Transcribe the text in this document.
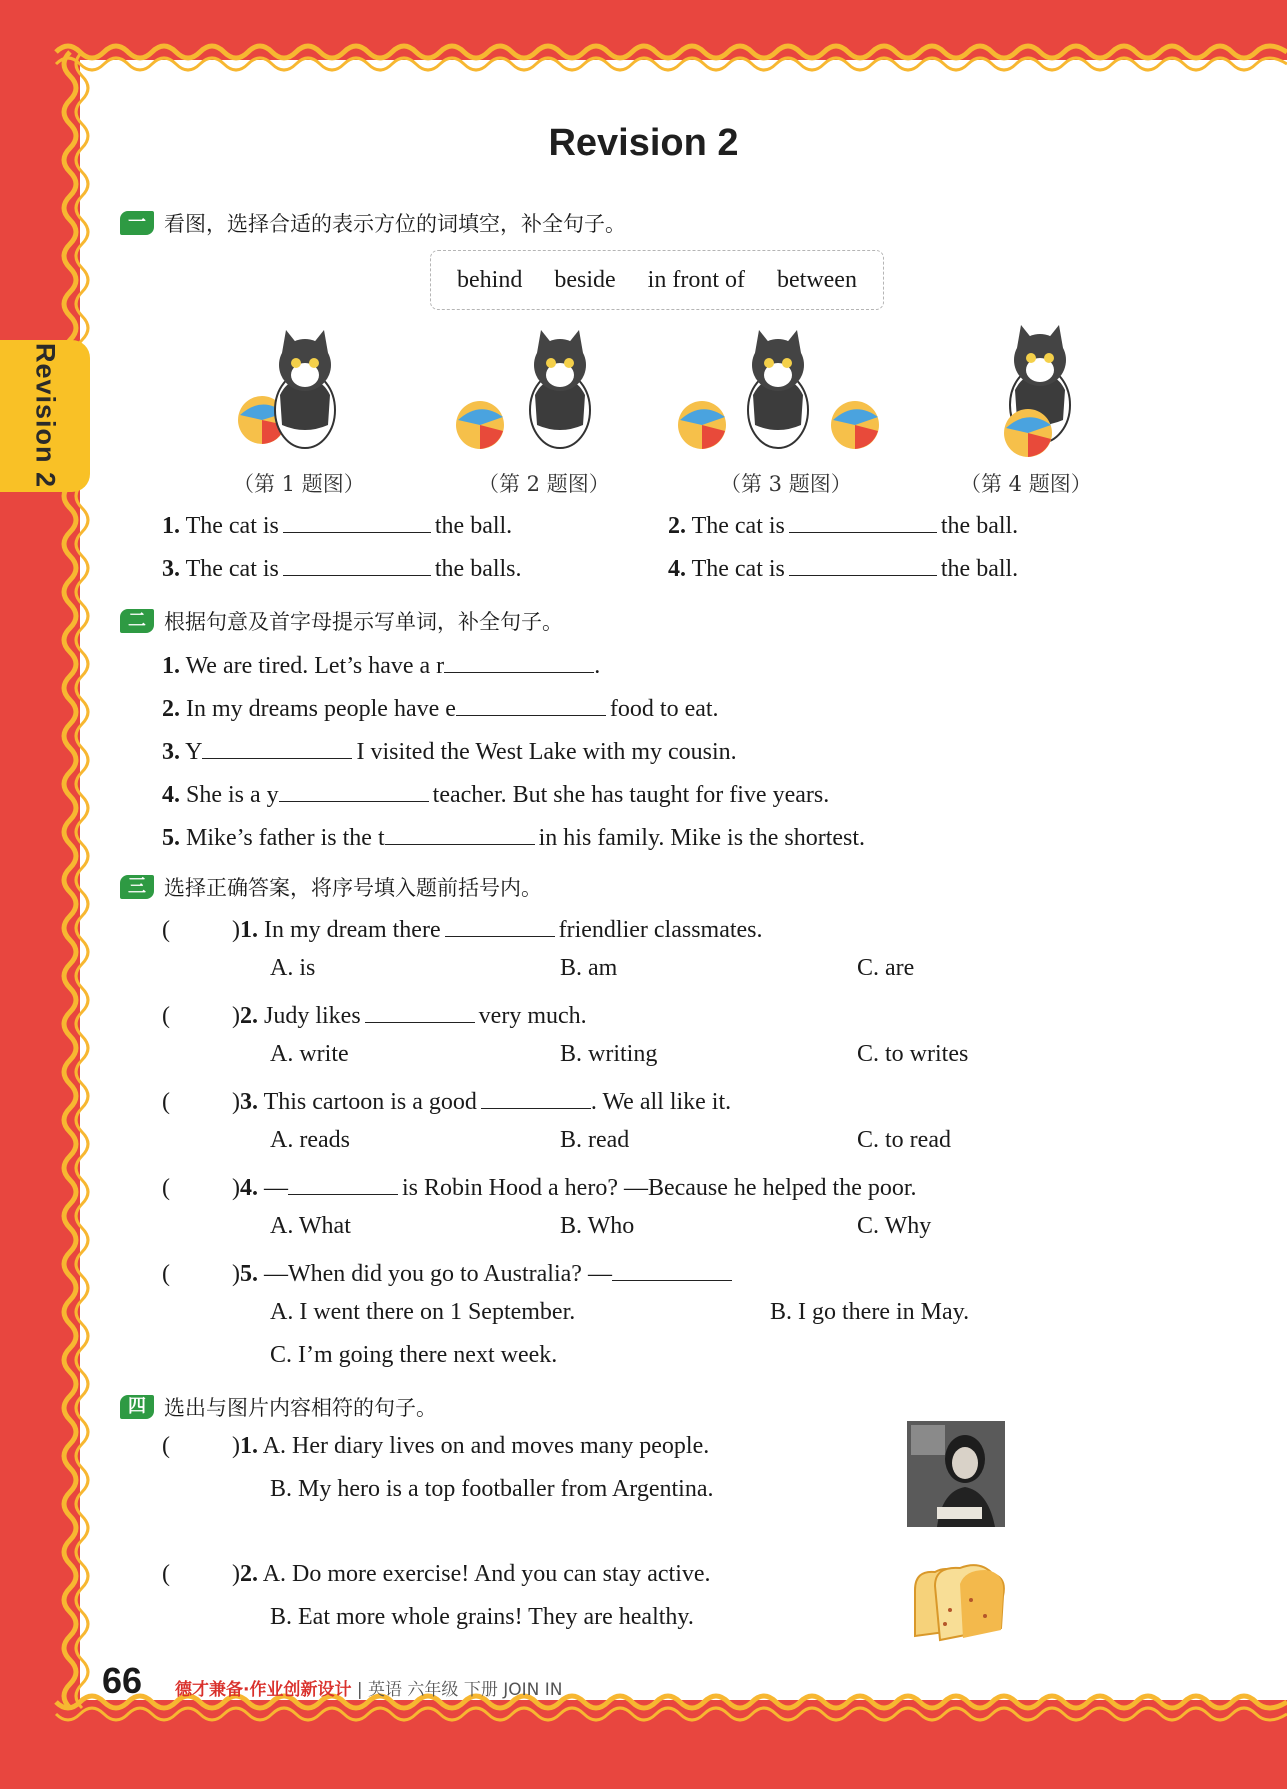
Revision 2
Revision 2
一 看图，选择合适的表示方位的词填空，补全句子。
behind beside in front of between
（第 1 题图）	（第 2 题图）	（第 3 题图）	（第 4 题图）
1. The cat is	the ball.	2. The cat is	the ball.
3. The cat is	the balls.	4. The cat is	the ball.
二 根据句意及首字母提示写单词，补全句子。
1. We are tired. Let’s have a r	.
2. In my dreams people have e	food to eat.
3. Y	I visited the West Lake with my cousin.
4. She is a y	teacher. But she has taught for five years.
5. Mike’s father is the t	in his family. Mike is the shortest.
三 选择正确答案，将序号填入题前括号内。
(	)1. In my dream there	friendlier classmates.
A. is	B. am	C. are
(	)2. Judy likes	very much.
A. write	B. writing	C. to writes
(	)3. This cartoon is a good	. We all like it.
A. reads	B. read	C. to read
(	)4. —	is Robin Hood a hero? —Because he helped the poor.
A. What	B. Who	C. Why
(	)5. —When did you go to Australia? —
A. I went there on 1 September.	B. I go there in May.
C. I’m going there next week.
四 选出与图片内容相符的句子。
(	)1. A. Her diary lives on and moves many people.
B. My hero is a top footballer from Argentina.
(	)2. A. Do more exercise! And you can stay active.
B. Eat more whole grains! They are healthy.
66 德才兼备·作业创新设计 | 英语 六年级 下册 JOIN IN
